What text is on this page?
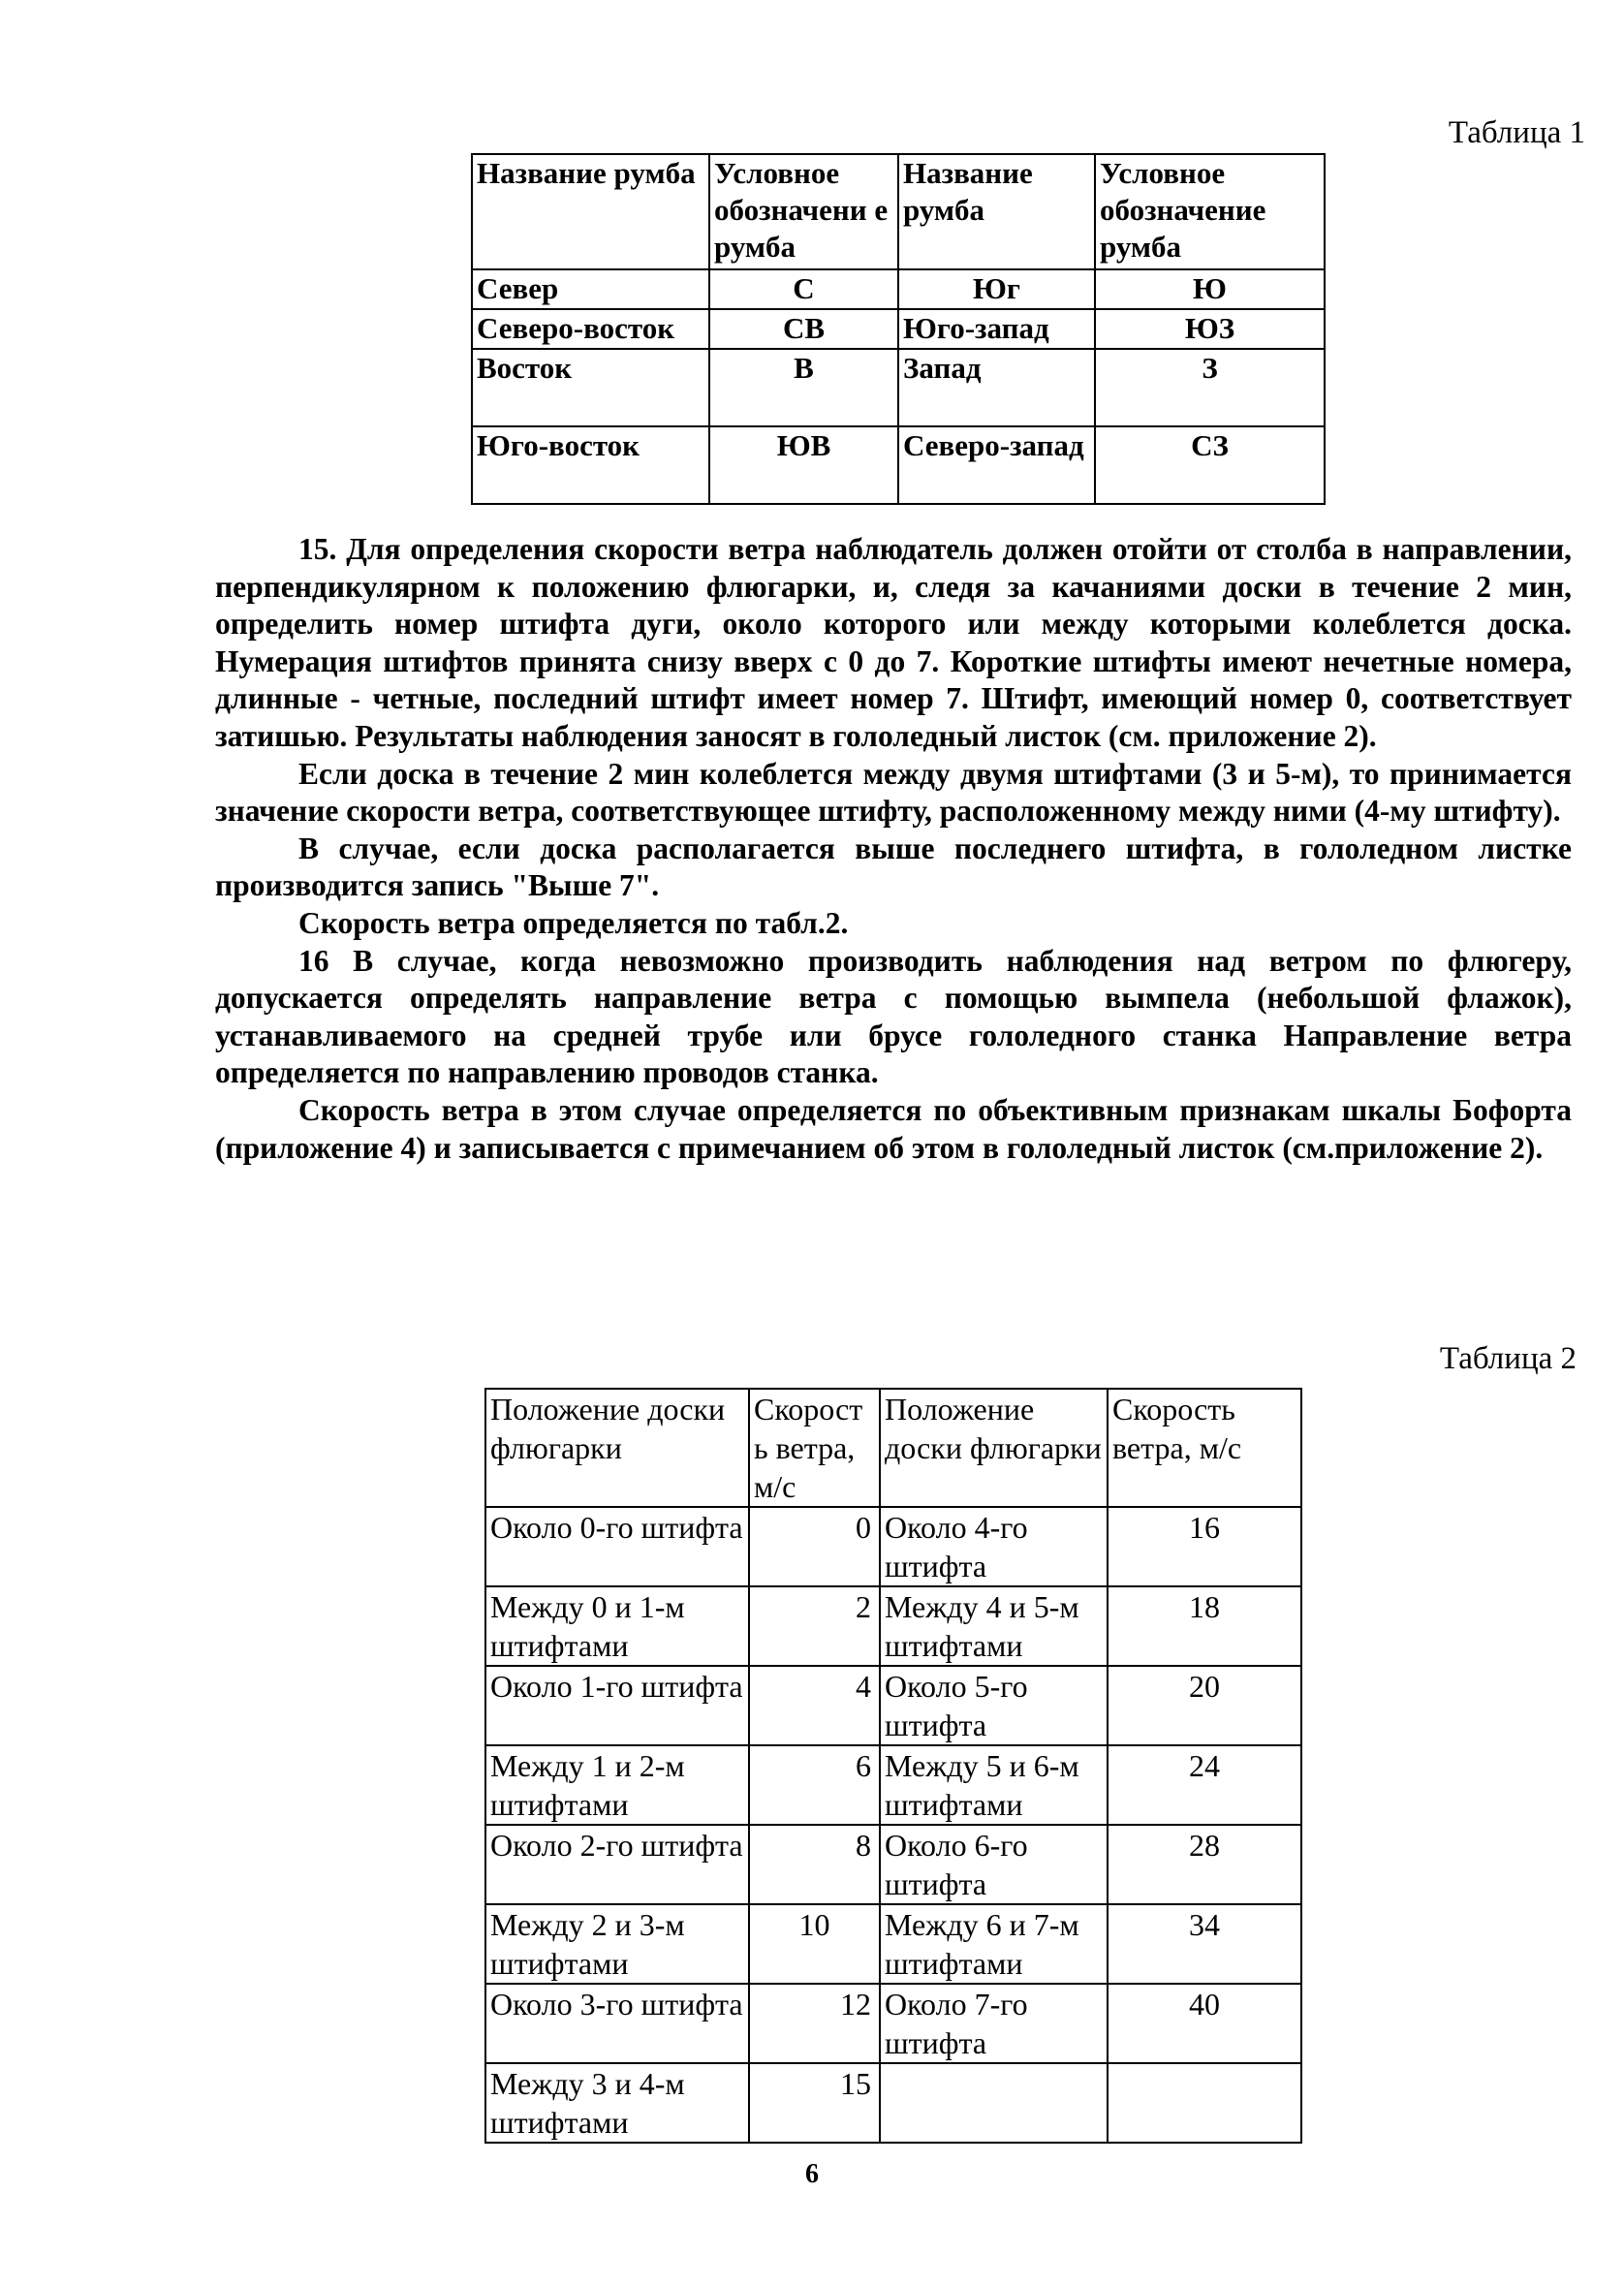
Таблица 1
Название румба	Условное обозначени е румба	Название румба	Условное обозначение румба
Север	С	Юг	Ю
Северо-восток	СВ	Юго-запад	ЮЗ
Восток	В	Запад	З
Юго-восток	ЮВ	Северо-запад	СЗ

15. Для определения скорости ветра наблюдатель должен отойти от столба в направлении, перпендикулярном к положению флюгарки, и, следя за качаниями доски в течение 2 мин, определить номер штифта дуги, около которого или между которыми колеблется доска. Нумерация штифтов принята снизу вверх с 0 до 7. Короткие штифты имеют нечетные номера, длинные - четные, последний штифт имеет номер 7. Штифт, имеющий номер 0, соответствует затишью. Результаты наблюдения заносят в гололедный листок (см. приложение 2).

Если доска в течение 2 мин колеблется между двумя штифтами (3 и 5-м), то принимается значение скорости ветра, соответствующее штифту, расположенному между ними (4-му штифту).

В случае, если доска располагается выше последнего штифта, в гололедном листке производится запись "Выше 7".

Скорость ветра определяется по табл.2.

16 В случае, когда невозможно производить наблюдения над ветром по флюгеру, допускается определять направление ветра с помощью вымпела (небольшой флажок), устанавливаемого на средней трубе или брусе гололедного станка Направление ветра определяется по направлению проводов станка.

Скорость ветра в этом случае определяется по объективным признакам шкалы Бофорта (приложение 4) и записывается с примечанием об этом в гололедный листок (см.приложение 2).

Таблица 2
Положение доски флюгарки	Скорост ь ветра, м/с	Положение доски флюгарки	Скорость ветра, м/с
Около 0-го штифта	0	Около 4-го штифта	16
Между 0 и 1-м штифтами	2	Между 4 и 5-м штифтами	18
Около 1-го штифта	4	Около 5-го штифта	20
Между 1 и 2-м штифтами	6	Между 5 и 6-м штифтами	24
Около 2-го штифта	8	Около 6-го штифта	28
Между 2 и 3-м штифтами	10	Между 6 и 7-м штифтами	34
Около 3-го штифта	12	Около 7-го штифта	40
Между 3 и 4-м штифтами	15		
6
